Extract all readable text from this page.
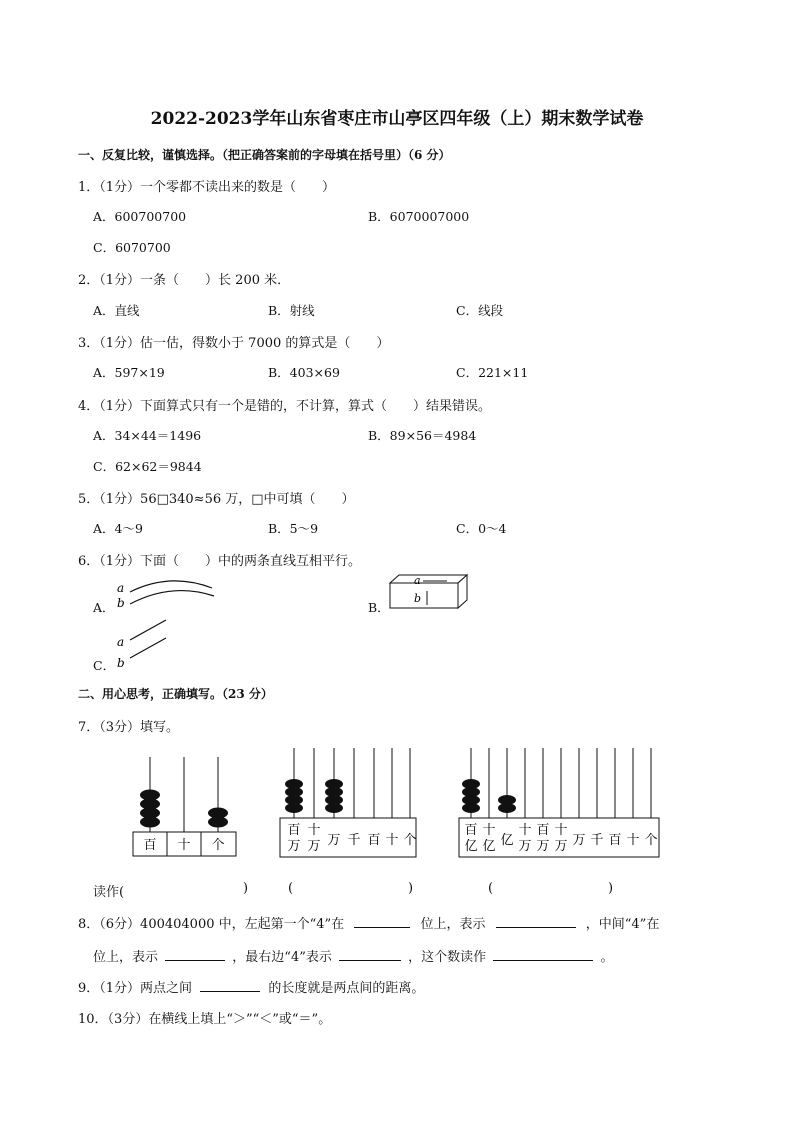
2022-2023学年山东省枣庄市山亭区四年级（上）期末数学试卷
一、反复比较，谨慎选择。（把正确答案前的字母填在括号里）（6 分）
1．（1分）一个零都不读出来的数是（　　）
A．600700700	B．6070007000
C．6070700
2．（1分）一条（　　）长 200 米．
A．直线	B．射线	C．线段
3．（1分）估一估，得数小于 7000 的算式是（　　）
A．597×19	B．403×69	C．221×11
4．（1分）下面算式只有一个是错的，不计算，算式（　　）结果错误。
A．34×44＝1496	B．89×56＝4984
C．62×62＝9844
5．（1分）56□340≈56 万，□中可填（　　）
A．4～9	B．5～9	C．0～4
6．（1分）下面（　　）中的两条直线互相平行。
A．
a
b	B．
a
b
C．
a
b
二、用心思考，正确填写。（23 分）
7．（3分）填写。
百 十 个
百
万
十
万 万 千 百 十 个
百
亿
十
亿 亿
十
万
百
万
十
万 万 千 百 十 个
读作(	)	(	)	(	)
8．（6分）400404000 中，左起第一个“4”在	位上，表示	，中间“4”在
位上，表示	，最右边“4”表示	，这个数读作	。
9．（1分）两点之间	的长度就是两点间的距离。
10．（3分）在横线上填上“＞”“＜”或“＝”。
